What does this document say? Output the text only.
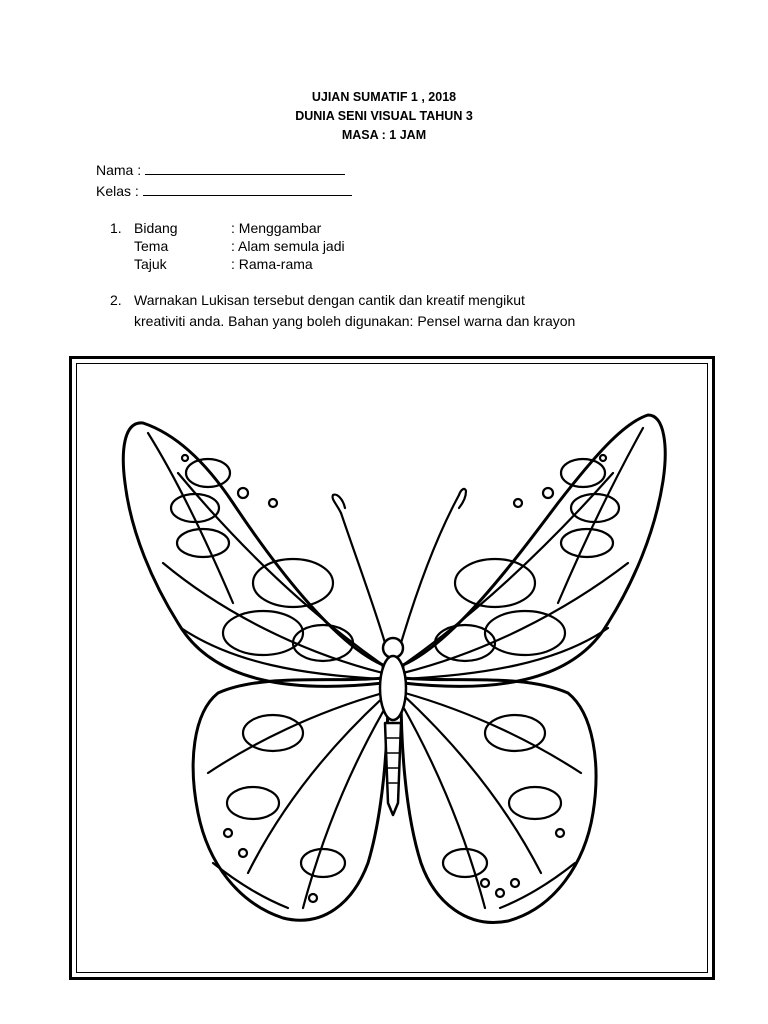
UJIAN SUMATIF 1 , 2018
DUNIA SENI VISUAL TAHUN 3
MASA : 1 JAM
Nama :
Kelas :
1. Bidang	: Menggambar
Tema	: Alam semula jadi
Tajuk	: Rama-rama
2. Warnakan Lukisan tersebut dengan cantik dan kreatif mengikut
kreativiti anda. Bahan yang boleh digunakan: Pensel warna dan krayon
